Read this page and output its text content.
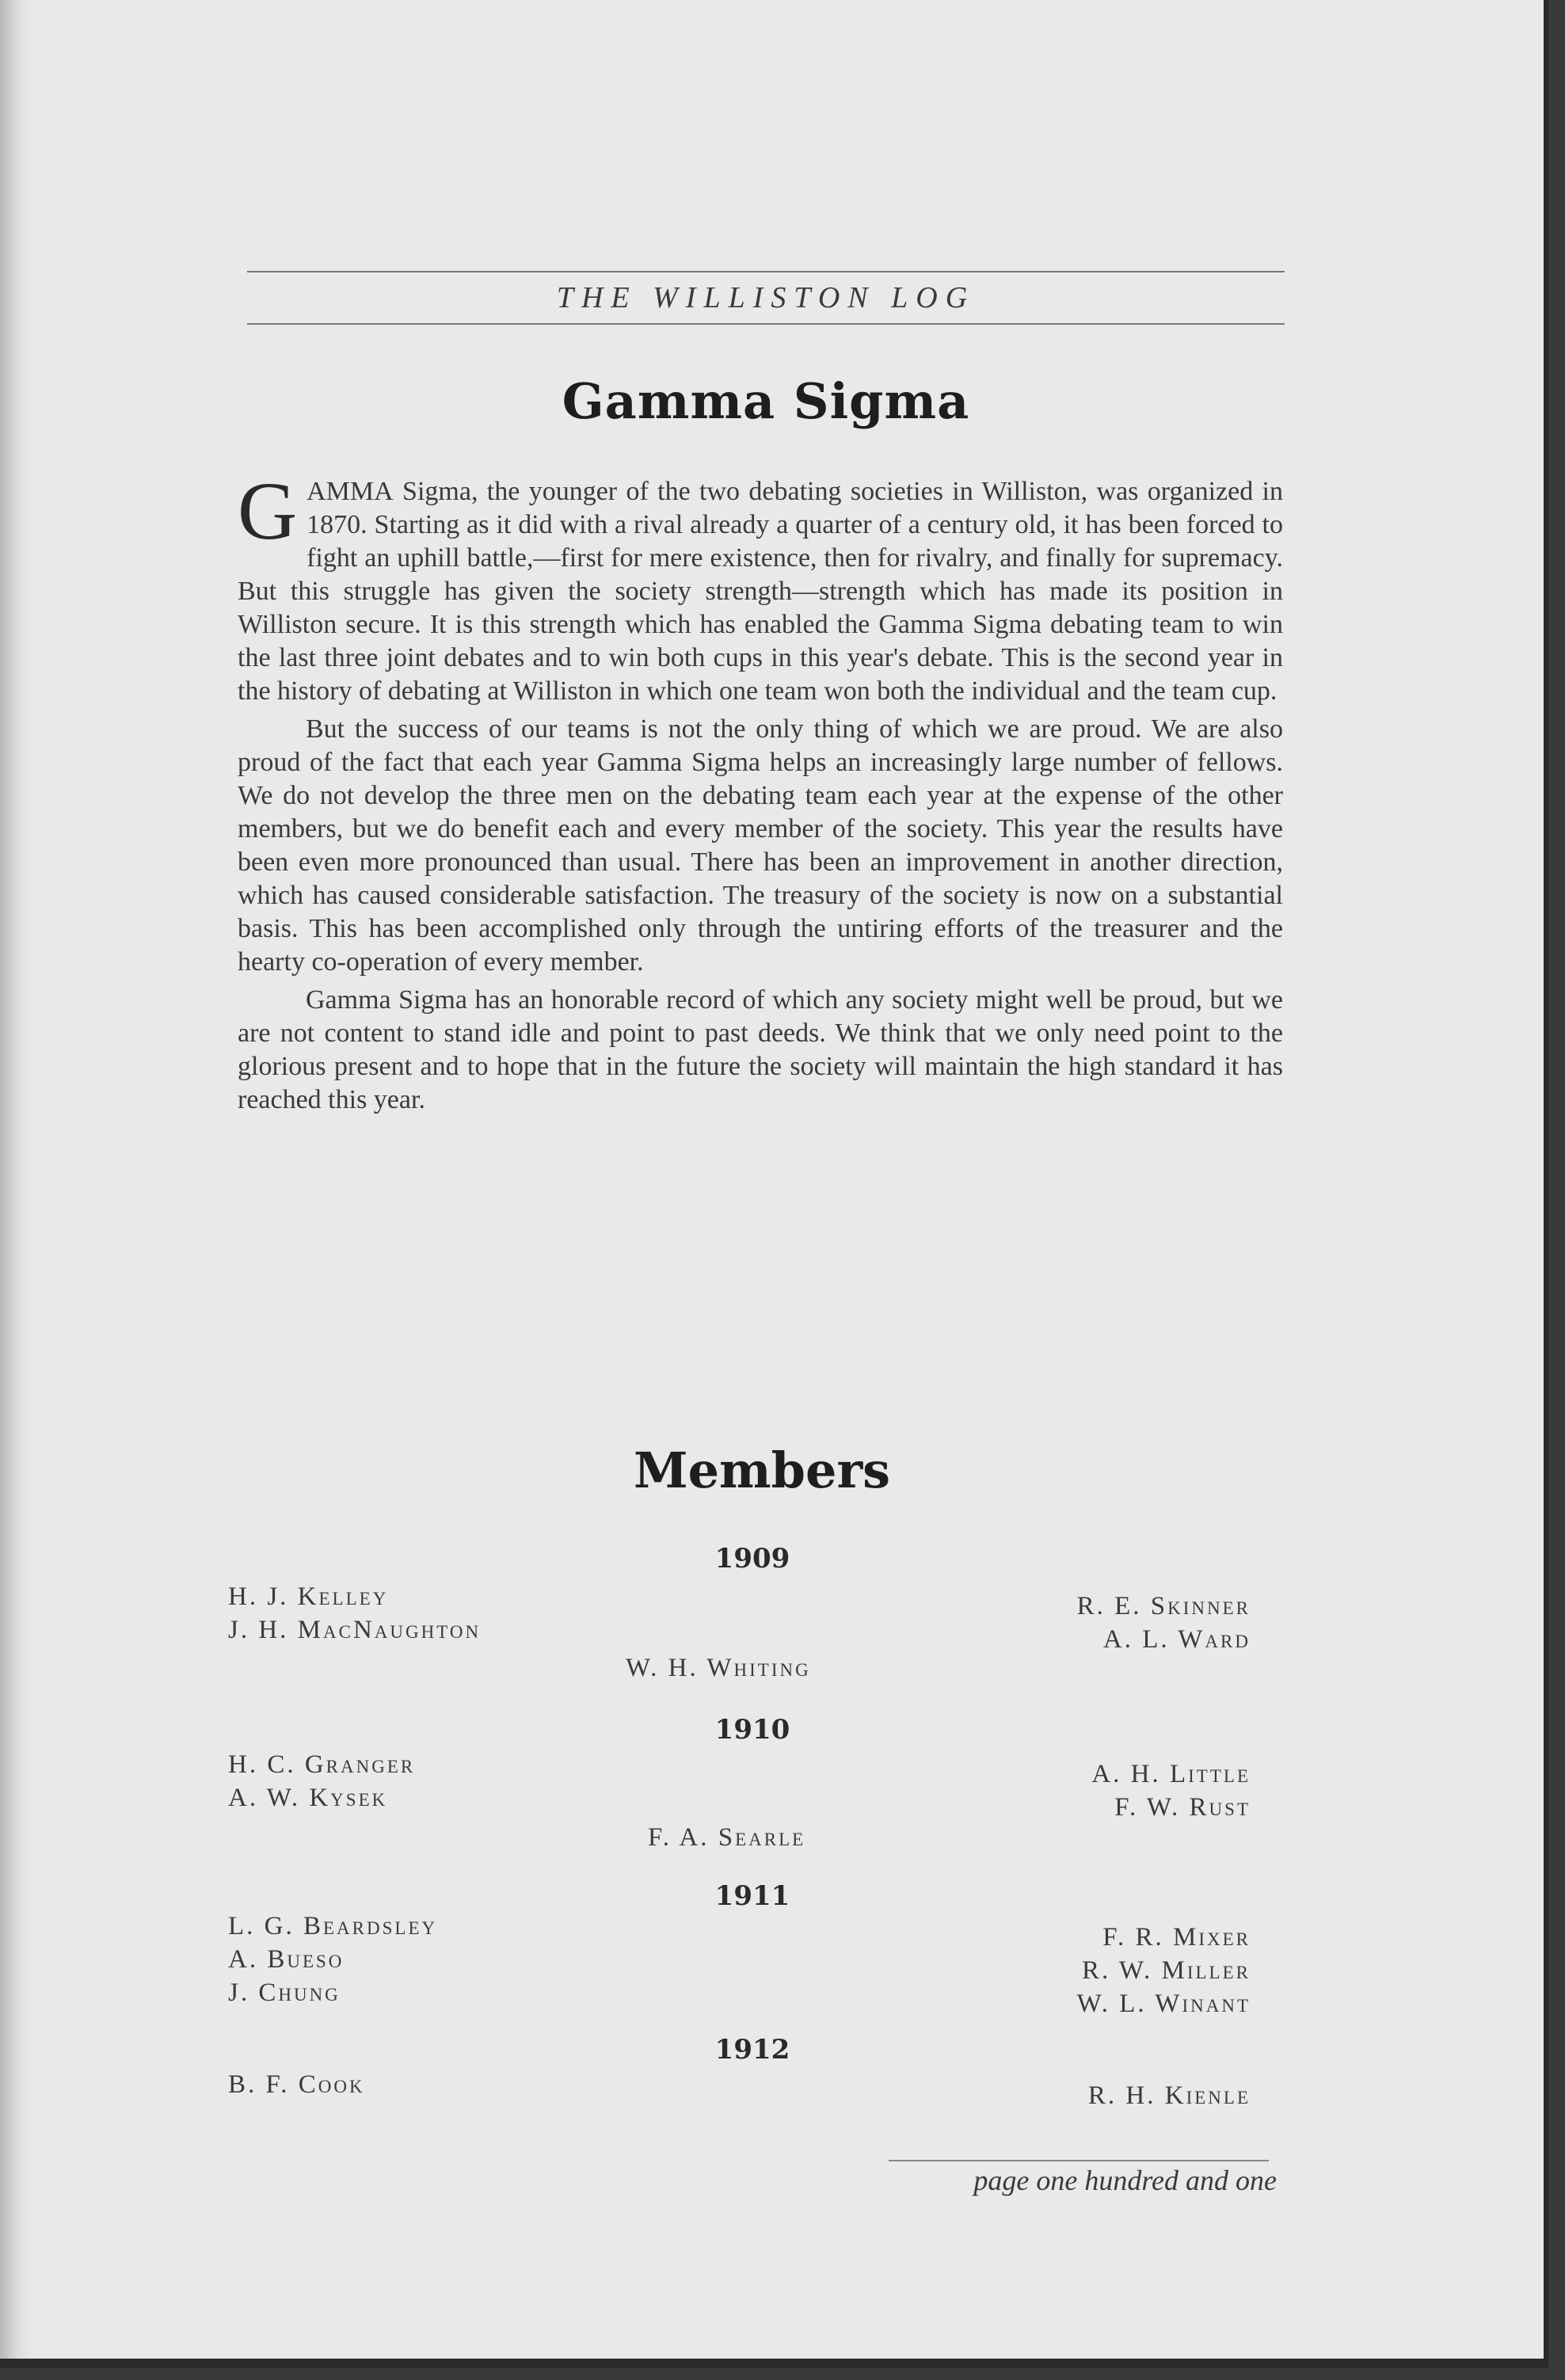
THE WILLISTON LOG
Gamma Sigma

GAMMA Sigma, the younger of the two debating societies in Williston, was organized in 1870. Starting as it did with a rival already a quarter of a century old, it has been forced to fight an uphill battle,—first for mere existence, then for rivalry, and finally for supremacy. But this struggle has given the society strength—strength which has made its position in Williston secure. It is this strength which has enabled the Gamma Sigma debating team to win the last three joint debates and to win both cups in this year's debate. This is the second year in the history of debating at Williston in which one team won both the individual and the team cup.

But the success of our teams is not the only thing of which we are proud. We are also proud of the fact that each year Gamma Sigma helps an increasingly large number of fellows. We do not develop the three men on the debating team each year at the expense of the other members, but we do benefit each and every member of the society. This year the results have been even more pronounced than usual. There has been an improvement in another direction, which has caused considerable satisfaction. The treasury of the society is now on a substantial basis. This has been accomplished only through the untiring efforts of the treasurer and the hearty co-operation of every member.

Gamma Sigma has an honorable record of which any society might well be proud, but we are not content to stand idle and point to past deeds. We think that we only need point to the glorious present and to hope that in the future the society will maintain the high standard it has reached this year.

Members
1909
H. J. Kelley
J. H. MacNaughton
W. H. Whiting
R. E. Skinner
A. L. Ward
1910
H. C. Granger
A. W. Kysek
F. A. Searle
A. H. Little
F. W. Rust
1911
L. G. Beardsley
A. Bueso
J. Chung
F. R. Mixer
R. W. Miller
W. L. Winant
1912
B. F. Cook	R. H. Kienle
page one hundred and one
